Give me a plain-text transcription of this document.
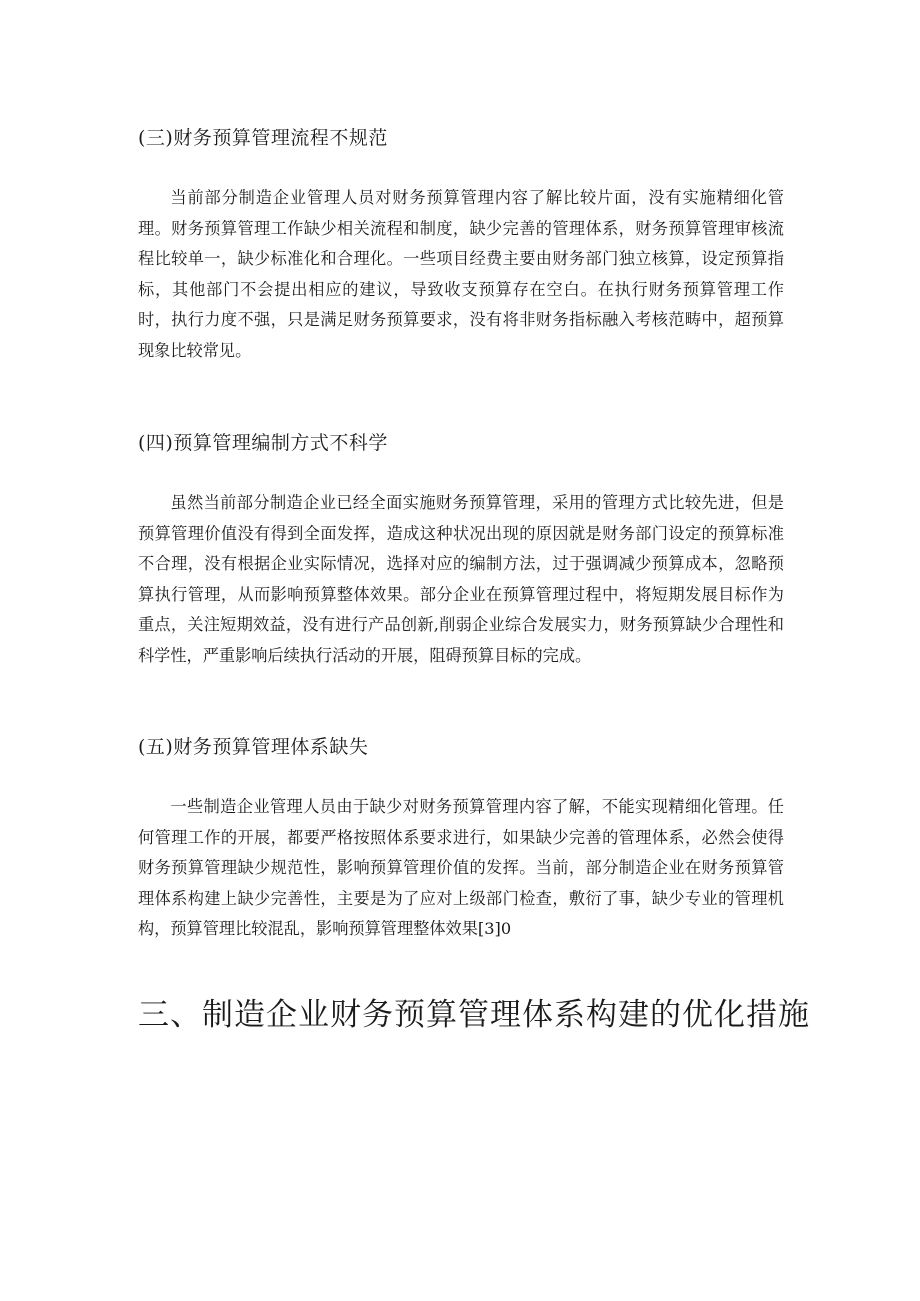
(三)财务预算管理流程不规范

当前部分制造企业管理人员对财务预算管理内容了解比较片面，没有实施精细化管理。财务预算管理工作缺少相关流程和制度，缺少完善的管理体系，财务预算管理审核流程比较单一，缺少标准化和合理化。一些项目经费主要由财务部门独立核算，设定预算指标，其他部门不会提出相应的建议，导致收支预算存在空白。在执行财务预算管理工作时，执行力度不强，只是满足财务预算要求，没有将非财务指标融入考核范畴中，超预算现象比较常见。

(四)预算管理编制方式不科学

虽然当前部分制造企业已经全面实施财务预算管理，采用的管理方式比较先进，但是预算管理价值没有得到全面发挥，造成这种状况出现的原因就是财务部门设定的预算标准不合理，没有根据企业实际情况，选择对应的编制方法，过于强调减少预算成本，忽略预算执行管理，从而影响预算整体效果。部分企业在预算管理过程中，将短期发展目标作为重点，关注短期效益，没有进行产品创新,削弱企业综合发展实力，财务预算缺少合理性和科学性，严重影响后续执行活动的开展，阻碍预算目标的完成。

(五)财务预算管理体系缺失

一些制造企业管理人员由于缺少对财务预算管理内容了解，不能实现精细化管理。任何管理工作的开展，都要严格按照体系要求进行，如果缺少完善的管理体系，必然会使得财务预算管理缺少规范性，影响预算管理价值的发挥。当前，部分制造企业在财务预算管理体系构建上缺少完善性，主要是为了应对上级部门检查，敷衍了事，缺少专业的管理机构，预算管理比较混乱，影响预算管理整体效果[3]0

三、制造企业财务预算管理体系构建的优化措施
